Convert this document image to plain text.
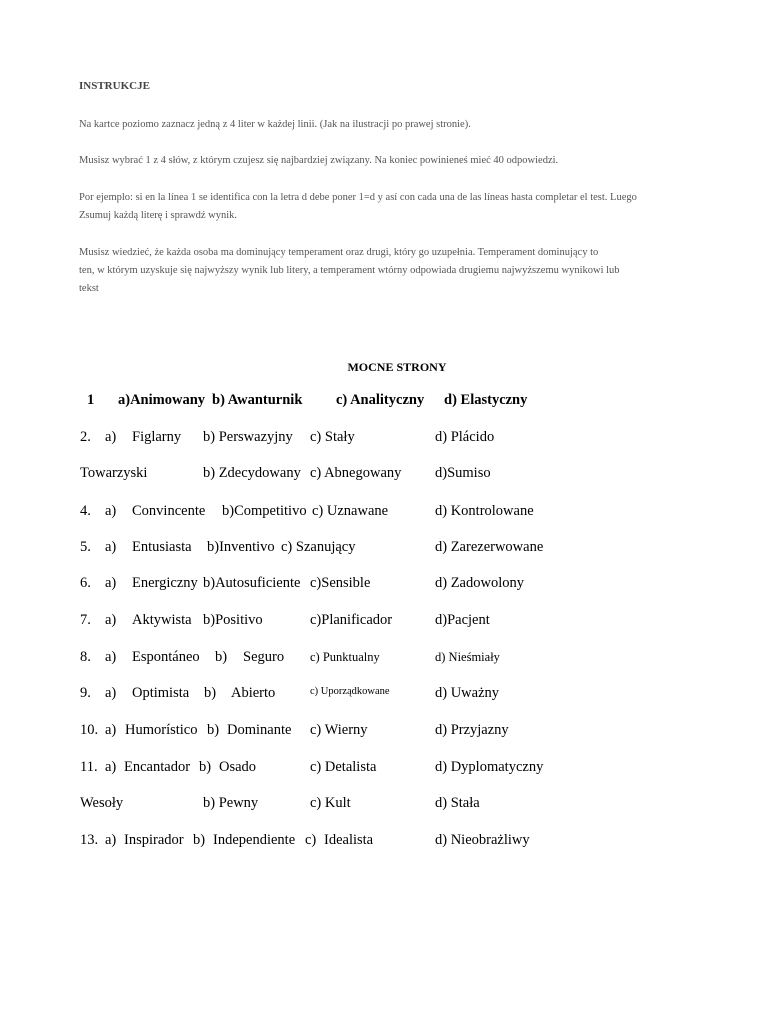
INSTRUKCJE
Na kartce poziomo zaznacz jedną z 4 liter w każdej linii. (Jak na ilustracji po prawej stronie).
Musisz wybrać 1 z 4 słów, z którym czujesz się najbardziej związany. Na koniec powinieneś mieć 40 odpowiedzi.
Por ejemplo: si en la línea 1 se identifica con la letra d debe poner 1=d y así con cada una de las líneas hasta completar el test. Luego
Zsumuj każdą literę i sprawdź wynik.
Musisz wiedzieć, że każda osoba ma dominujący temperament oraz drugi, który go uzupełnia. Temperament dominujący to
ten, w którym uzyskuje się najwyższy wynik lub litery, a temperament wtórny odpowiada drugiemu najwyższemu wynikowi lub
tekst
MOCNE STRONY
1 a)Animowany b) Awanturnik c) Analityczny d) Elastyczny
2. a) Figlarny b) Perswazyjny c) Stały	d) Plácido
Towarzyski	b) Zdecydowany c) Abnegowany d)Sumiso
4. a) Convincente b)Competitivo c) Uznawane	d) Kontrolowane
5. a) Entusiasta b)Inventivo c) Szanujący	d) Zarezerwowane
6. a) Energiczny b)Autosuficiente c)Sensible	d) Zadowolony
7. a) Aktywista b)Positivo	c)Planificador	d)Pacjent
8. a) Espontáneo b) Seguro c) Punktualny	d) Nieśmiały
9. a) Optimista b) Abierto	c) Uporządkowane	d) Uważny
10. a) Humorístico b) Dominante c) Wierny	d) Przyjazny
11. a) Encantador b) Osado	c) Detalista	d) Dyplomatyczny
Wesoły	b) Pewny	c) Kult	d) Stała
13. a) Inspirador b) Independiente c) Idealista	d) Nieobrażliwy
